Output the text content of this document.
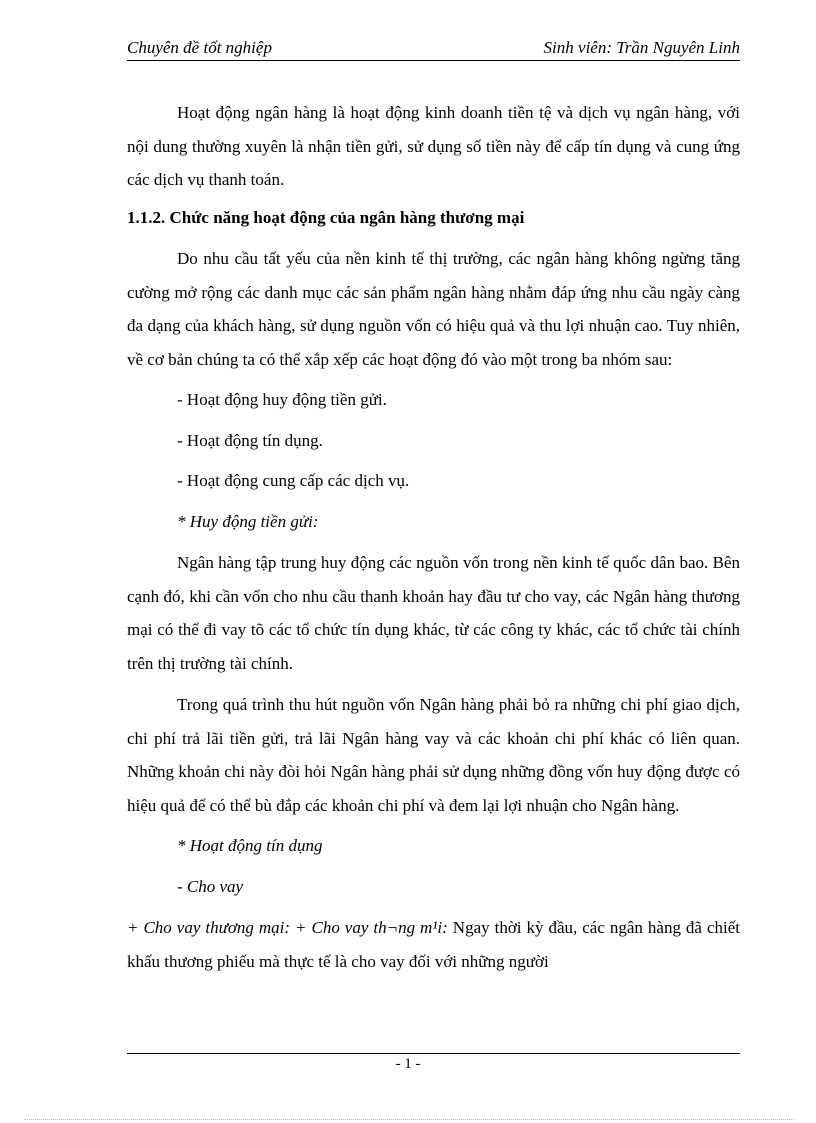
Chuyên đề tốt nghiệp	Sinh viên: Trần Nguyên Linh

Hoạt động ngân hàng là hoạt động kinh doanh tiền tệ và dịch vụ ngân hàng, với nội dung thường xuyên là nhận tiền gửi, sử dụng số tiền này để cấp tín dụng và cung ứng các dịch vụ thanh toán.

1.1.2. Chức năng hoạt động của ngân hàng thương mại

Do nhu cầu tất yếu của nền kinh tế thị trường, các ngân hàng không ngừng tăng cường mở rộng các danh mục các sản phẩm ngân hàng nhằm đáp ứng nhu cầu ngày càng đa dạng của khách hàng, sử dụng nguồn vốn có hiệu quả và thu lợi nhuận cao. Tuy nhiên, về cơ bản chúng ta có thể xắp xếp các hoạt động đó vào một trong ba nhóm sau:

- Hoạt động huy động tiền gửi.

- Hoạt động tín dụng.

- Hoạt động cung cấp các dịch vụ.

* Huy động tiền gửi:

Ngân hàng tập trung huy động các nguồn vốn trong nền kinh tế quốc dân bao. Bên cạnh đó, khi cần vốn cho nhu cầu thanh khoản hay đầu tư cho vay, các Ngân hàng thương mại có thể đi vay tõ các tổ chức tín dụng khác, từ các công ty khác, các tổ chức tài chính trên thị trường tài chính.

Trong quá trình thu hút nguồn vốn Ngân hàng phải bỏ ra những chi phí giao dịch, chi phí trả lãi tiền gửi, trả lãi Ngân hàng vay và các khoản chi phí khác có liên quan. Những khoản chi này đòi hỏi Ngân hàng phải sử dụng những đồng vốn huy động được có hiệu quả để có thể bù đắp các khoản chi phí và đem lại lợi nhuận cho Ngân hàng.

* Hoạt động tín dụng

- Cho vay

+ Cho vay thương mại: + Cho vay th¬ng m¹i: Ngay thời kỳ đầu, các ngân hàng đã chiết khấu thương phiếu mà thực tế là cho vay đối với những người

- 1 -
